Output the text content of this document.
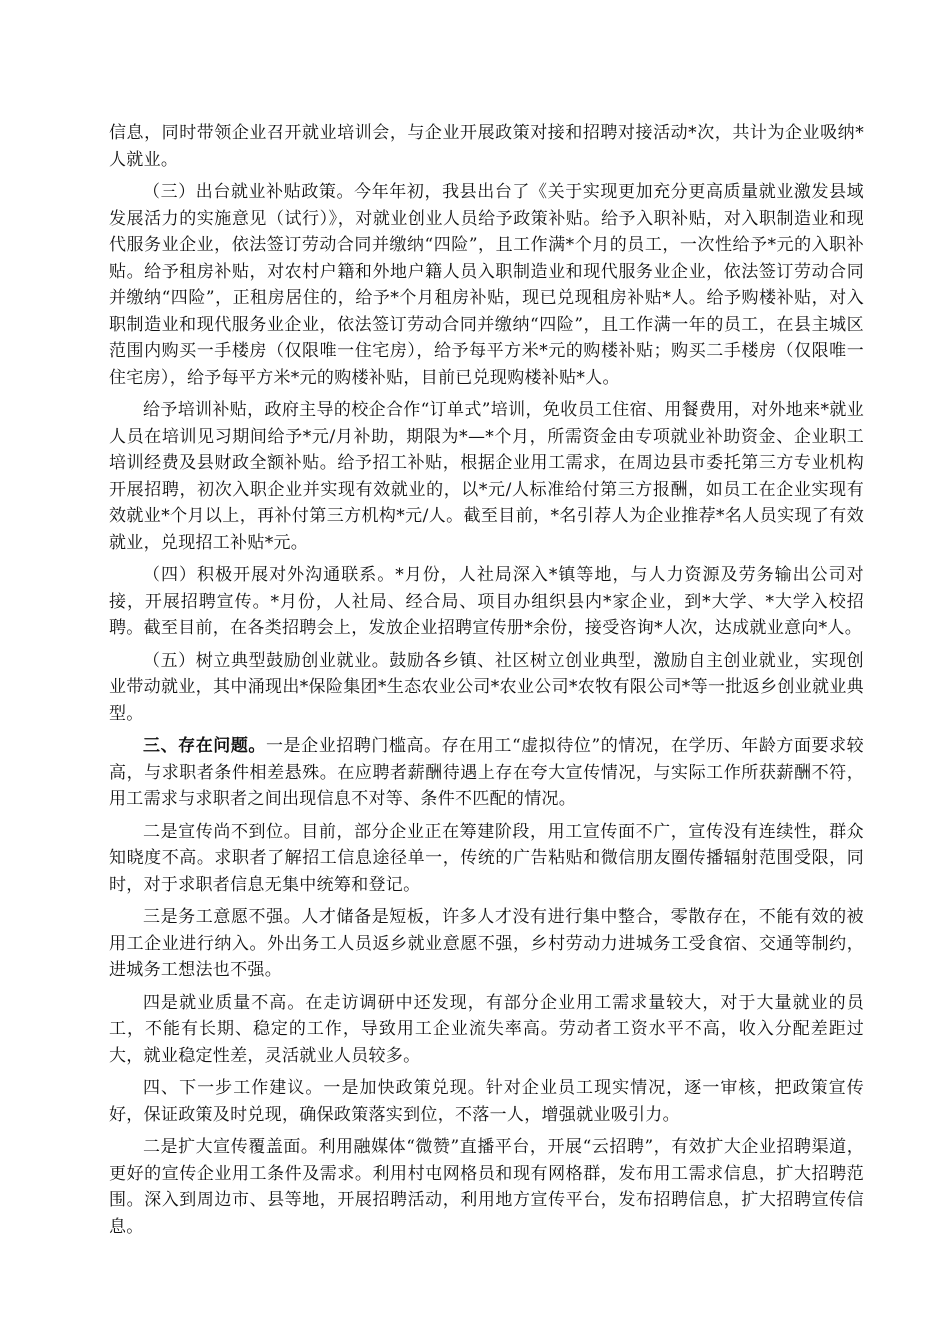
信息，同时带领企业召开就业培训会，与企业开展政策对接和招聘对接活动*次，共计为企业吸纳*人就业。

（三）出台就业补贴政策。今年年初，我县出台了《关于实现更加充分更高质量就业激发县域发展活力的实施意见（试行）》，对就业创业人员给予政策补贴。给予入职补贴，对入职制造业和现代服务业企业，依法签订劳动合同并缴纳“四险”，且工作满*个月的员工，一次性给予*元的入职补贴。给予租房补贴，对农村户籍和外地户籍人员入职制造业和现代服务业企业，依法签订劳动合同并缴纳“四险”，正租房居住的，给予*个月租房补贴，现已兑现租房补贴*人。给予购楼补贴，对入职制造业和现代服务业企业，依法签订劳动合同并缴纳“四险”，且工作满一年的员工，在县主城区范围内购买一手楼房（仅限唯一住宅房），给予每平方米*元的购楼补贴；购买二手楼房（仅限唯一住宅房），给予每平方米*元的购楼补贴，目前已兑现购楼补贴*人。

给予培训补贴，政府主导的校企合作“订单式”培训，免收员工住宿、用餐费用，对外地来*就业人员在培训见习期间给予*元/月补助，期限为*—*个月，所需资金由专项就业补助资金、企业职工培训经费及县财政全额补贴。给予招工补贴，根据企业用工需求，在周边县市委托第三方专业机构开展招聘，初次入职企业并实现有效就业的，以*元/人标准给付第三方报酬，如员工在企业实现有效就业*个月以上，再补付第三方机构*元/人。截至目前，*名引荐人为企业推荐*名人员实现了有效就业，兑现招工补贴*元。

（四）积极开展对外沟通联系。*月份，人社局深入*镇等地，与人力资源及劳务输出公司对接，开展招聘宣传。*月份，人社局、经合局、项目办组织县内*家企业，到*大学、*大学入校招聘。截至目前，在各类招聘会上，发放企业招聘宣传册*余份，接受咨询*人次，达成就业意向*人。

（五）树立典型鼓励创业就业。鼓励各乡镇、社区树立创业典型，激励自主创业就业，实现创业带动就业，其中涌现出*保险集团*生态农业公司*农业公司*农牧有限公司*等一批返乡创业就业典型。

三、存在问题。一是企业招聘门槛高。存在用工“虚拟待位”的情况，在学历、年龄方面要求较高，与求职者条件相差悬殊。在应聘者薪酬待遇上存在夸大宣传情况，与实际工作所获薪酬不符，用工需求与求职者之间出现信息不对等、条件不匹配的情况。

二是宣传尚不到位。目前，部分企业正在筹建阶段，用工宣传面不广，宣传没有连续性，群众知晓度不高。求职者了解招工信息途径单一，传统的广告粘贴和微信朋友圈传播辐射范围受限，同时，对于求职者信息无集中统筹和登记。

三是务工意愿不强。人才储备是短板，许多人才没有进行集中整合，零散存在，不能有效的被用工企业进行纳入。外出务工人员返乡就业意愿不强，乡村劳动力进城务工受食宿、交通等制约，进城务工想法也不强。

四是就业质量不高。在走访调研中还发现，有部分企业用工需求量较大，对于大量就业的员工，不能有长期、稳定的工作，导致用工企业流失率高。劳动者工资水平不高，收入分配差距过大，就业稳定性差，灵活就业人员较多。

四、下一步工作建议。一是加快政策兑现。针对企业员工现实情况，逐一审核，把政策宣传好，保证政策及时兑现，确保政策落实到位，不落一人，增强就业吸引力。

二是扩大宣传覆盖面。利用融媒体“微赞”直播平台，开展“云招聘”，有效扩大企业招聘渠道，更好的宣传企业用工条件及需求。利用村屯网格员和现有网格群，发布用工需求信息，扩大招聘范围。深入到周边市、县等地，开展招聘活动，利用地方宣传平台，发布招聘信息，扩大招聘宣传信息。
